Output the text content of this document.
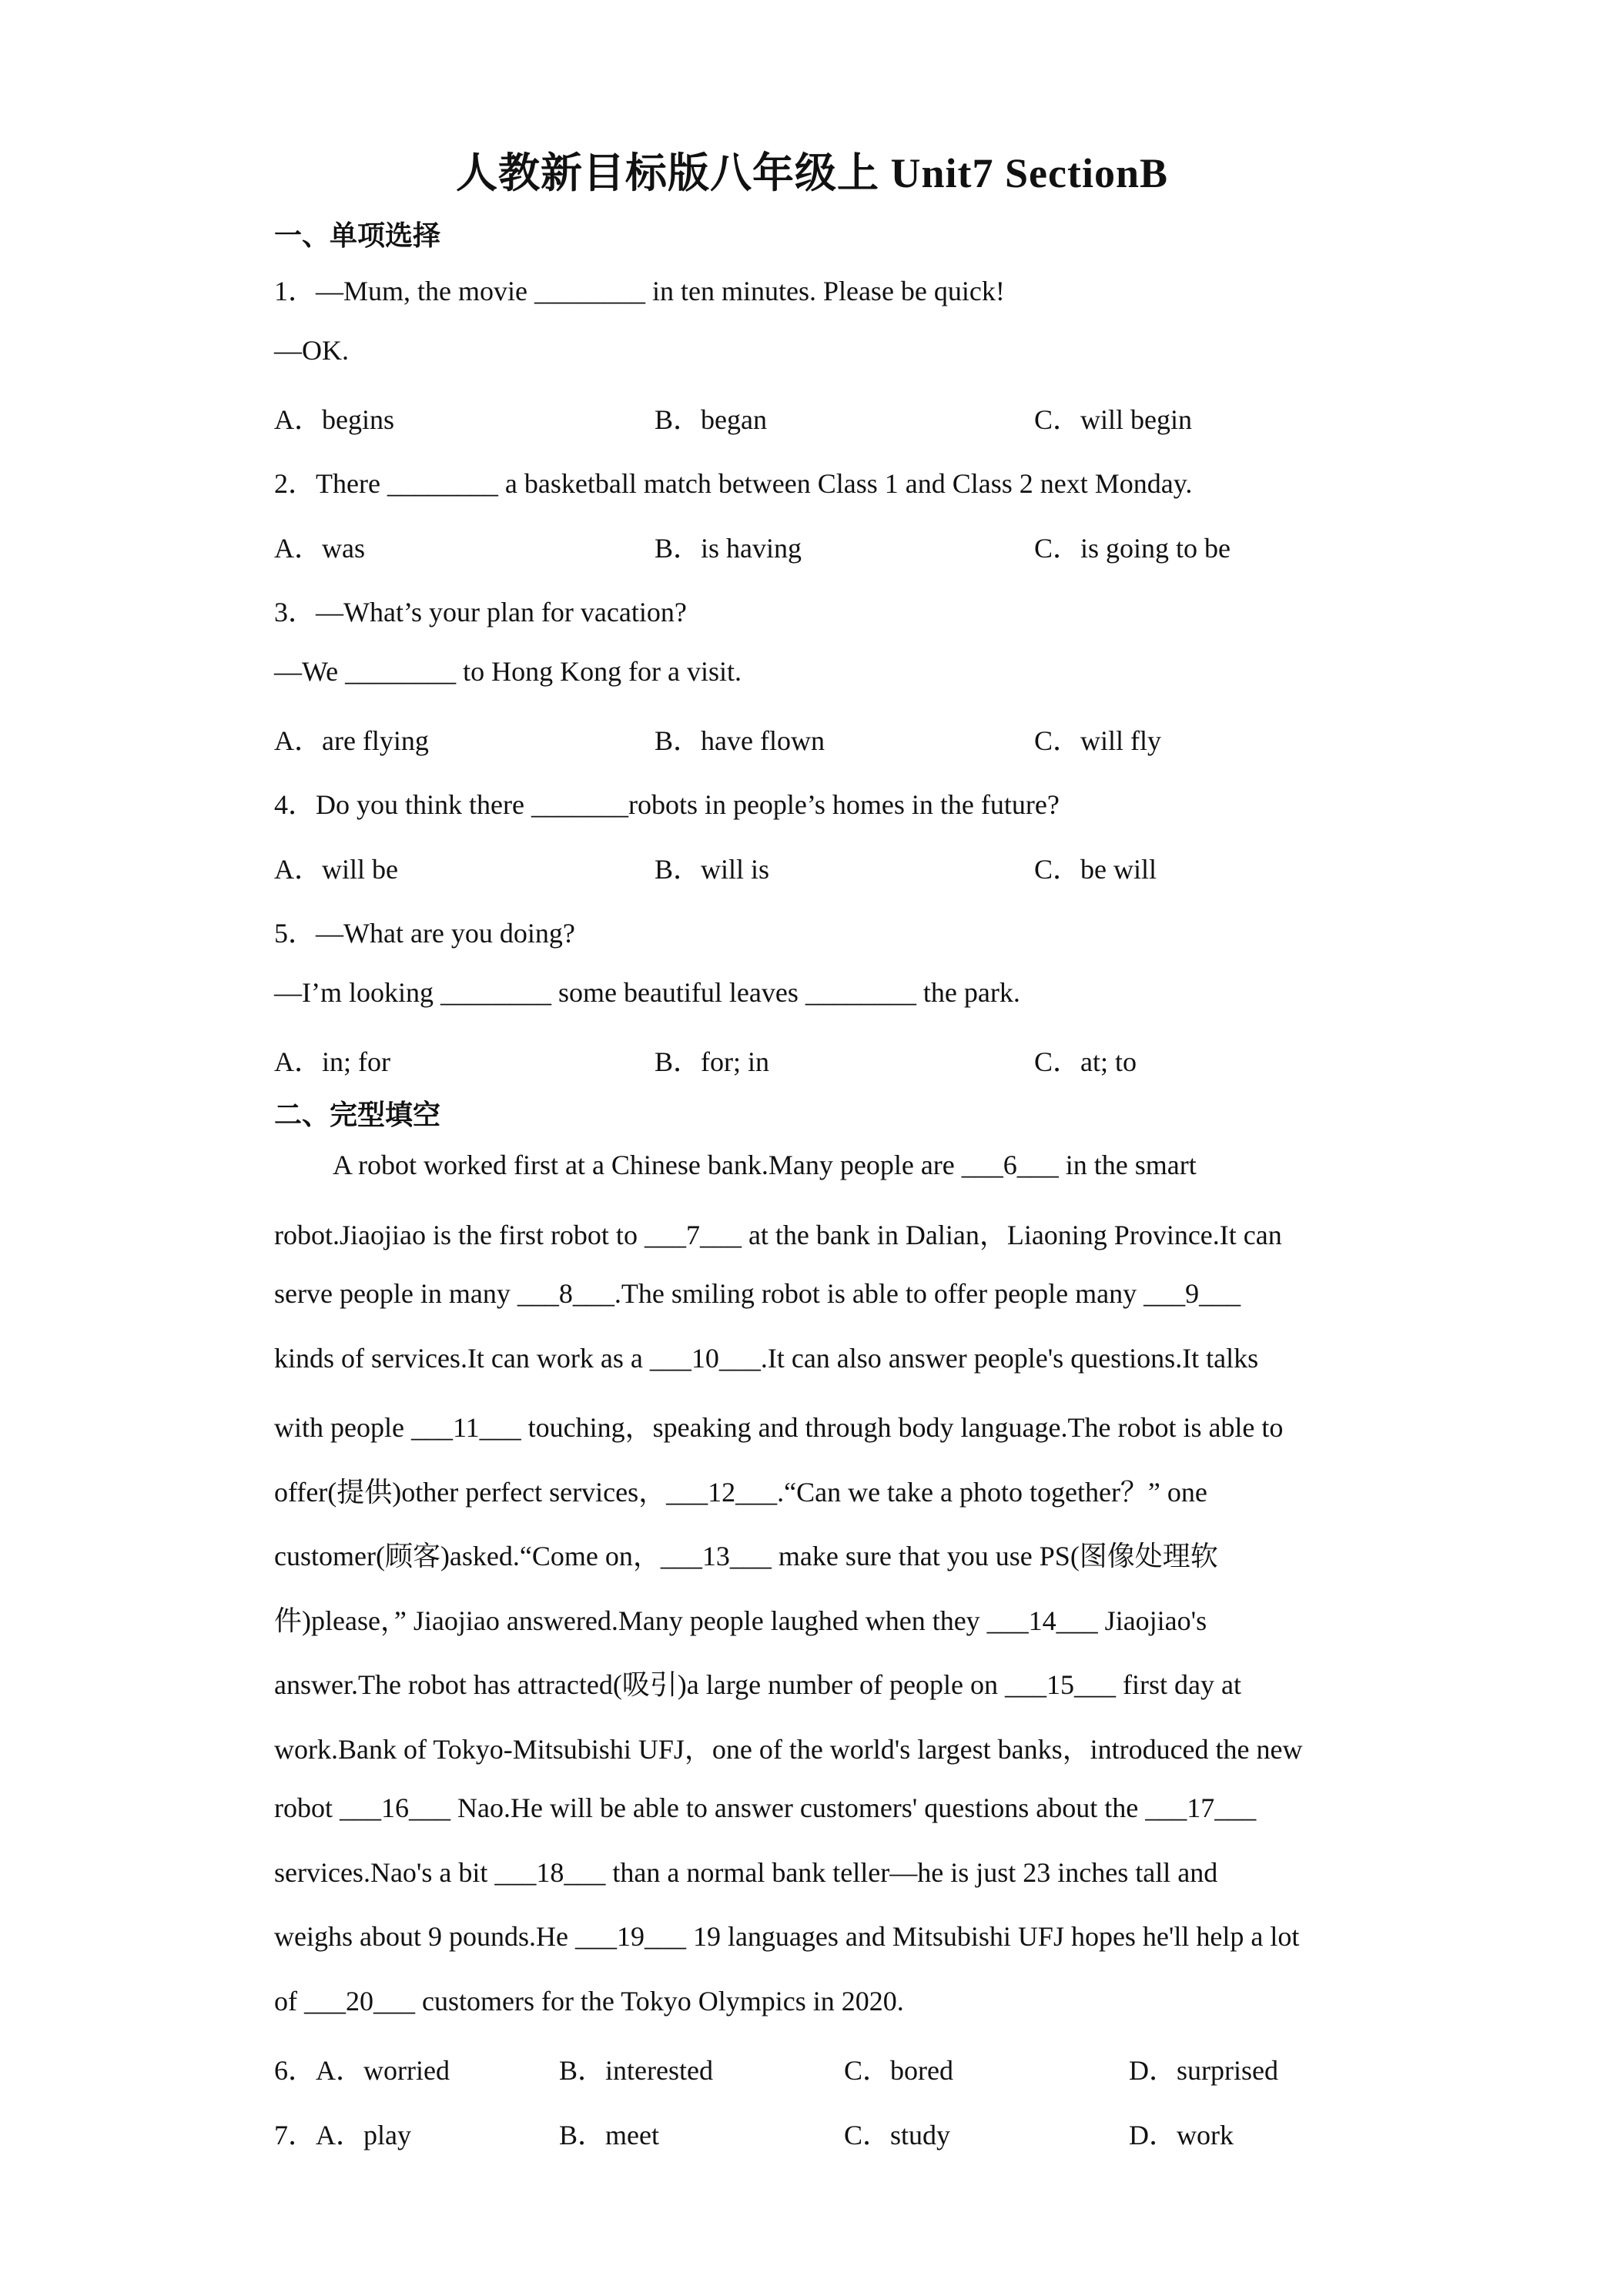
人教新目标版八年级上 Unit7 SectionB
一、单项选择
1．—Mum, the movie ________ in ten minutes. Please be quick!
—OK.
A．begins	B．began	C．will begin
2．There ________ a basketball match between Class 1 and Class 2 next Monday.
A．was	B．is having	C．is going to be
3．—What’s your plan for vacation?
—We ________ to Hong Kong for a visit.
A．are flying	B．have flown	C．will fly
4．Do you think there _______robots in people’s homes in the future?
A．will be	B．will is	C．be will
5．—What are you doing?
—I’m looking ________ some beautiful leaves ________ the park.
A．in; for	B．for; in	C．at; to
二、完型填空
A robot worked first at a Chinese bank.Many people are ___6___ in the smart
robot.Jiaojiao is the first robot to ___7___ at the bank in Dalian，Liaoning Province.It can
serve people in many ___8___.The smiling robot is able to offer people many ___9___
kinds of services.It can work as a ___10___.It can also answer people's questions.It talks
with people ___11___ touching，speaking and through body language.The robot is able to
offer(提供)other perfect services，___12___.“Can we take a photo together？” one
customer(顾客)asked.“Come on，___13___ make sure that you use PS(图像处理软
件)please，” Jiaojiao answered.Many people laughed when they ___14___ Jiaojiao's
answer.The robot has attracted(吸引)a large number of people on ___15___ first day at
work.Bank of Tokyo-Mitsubishi UFJ，one of the world's largest banks，introduced the new
robot ___16___ Nao.He will be able to answer customers' questions about the ___17___
services.Nao's a bit ___18___ than a normal bank teller—he is just 23 inches tall and
weighs about 9 pounds.He ___19___ 19 languages and Mitsubishi UFJ hopes he'll help a lot
of ___20___ customers for the Tokyo Olympics in 2020.
6． A．worried	B．interested	C．bored	D．surprised
7． A．play	B．meet	C．study	D．work
